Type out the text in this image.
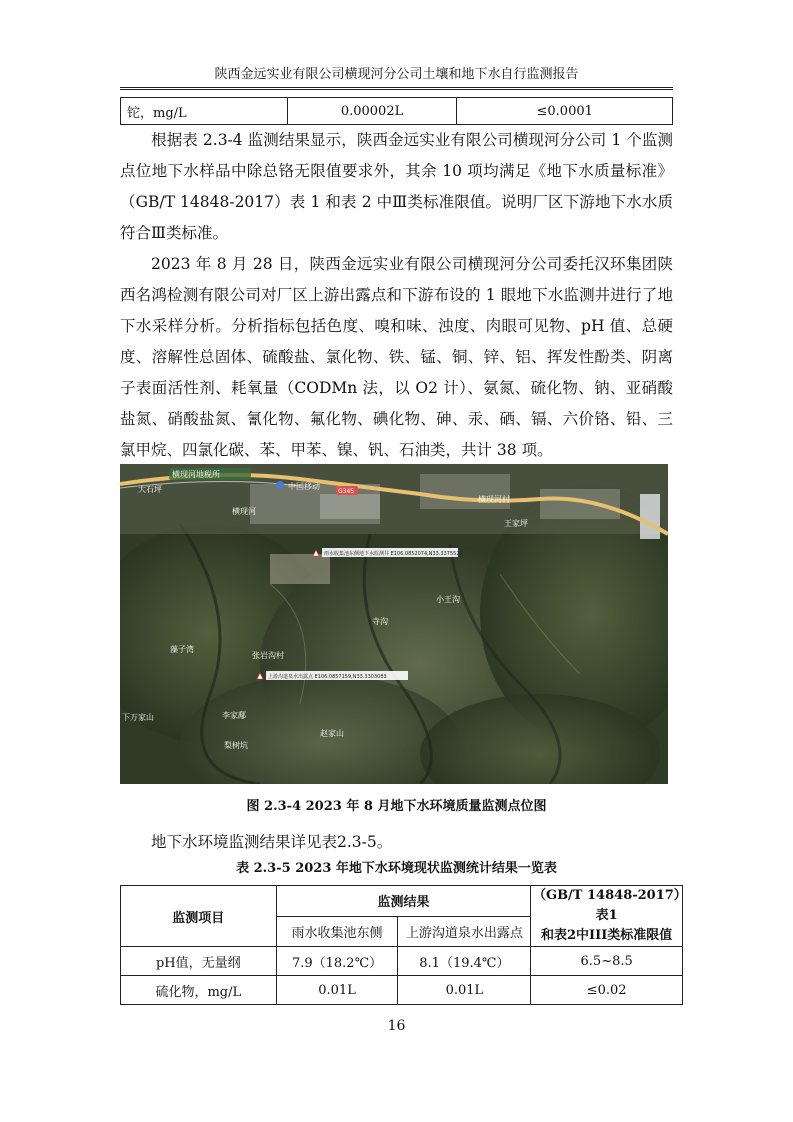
陕西金远实业有限公司横现河分公司土壤和地下水自行监测报告
铊，mg/L	0.00002L	≤0.0001

根据表 2.3-4 监测结果显示，陕西金远实业有限公司横现河分公司 1 个监测点位地下水样品中除总铬无限值要求外，其余 10 项均满足《地下水质量标准》（GB/T 14848-2017）表 1 和表 2 中Ⅲ类标准限值。说明厂区下游地下水水质符合Ⅲ类标准。

2023 年 8 月 28 日，陕西金远实业有限公司横现河分公司委托汉环集团陕西名鸿检测有限公司对厂区上游出露点和下游布设的 1 眼地下水监测井进行了地下水采样分析。分析指标包括色度、嗅和味、浊度、肉眼可见物、pH 值、总硬度、溶解性总固体、硫酸盐、氯化物、铁、锰、铜、锌、铝、挥发性酚类、阴离子表面活性剂、耗氧量（CODMn 法，以 O2 计）、氨氮、硫化物、钠、亚硝酸盐氮、硝酸盐氮、氰化物、氟化物、碘化物、砷、汞、硒、镉、六价铬、铅、三氯甲烷、四氯化碳、苯、甲苯、镍、钒、石油类，共计 38 项。

横现河地税所
中国移动
G345
大石坪
横现河
横现河村
王家坪
小王沟
寺沟
藻子湾
张岩沟村
李家鄅
下万家山
赵家山
梨树坑
雨水收集池东侧地下水监测井 E106.0852074,N33.3375522
上游沟道泉水出露点 E106.0857159,N33.3303083
图 2.3-4 2023 年 8 月地下水环境质量监测点位图
地下水环境监测结果详见表2.3-5。
表 2.3-5 2023 年地下水环境现状监测统计结果一览表
监测项目	监测结果		（GB/T 14848-2017）表1
和表2中III类标准限值
	雨水收集池东侧	上游沟道泉水出露点	
pH值，无量纲	7.9（18.2℃）	8.1（19.4℃）	6.5~8.5
硫化物，mg/L	0.01L	0.01L	≤0.02
16
